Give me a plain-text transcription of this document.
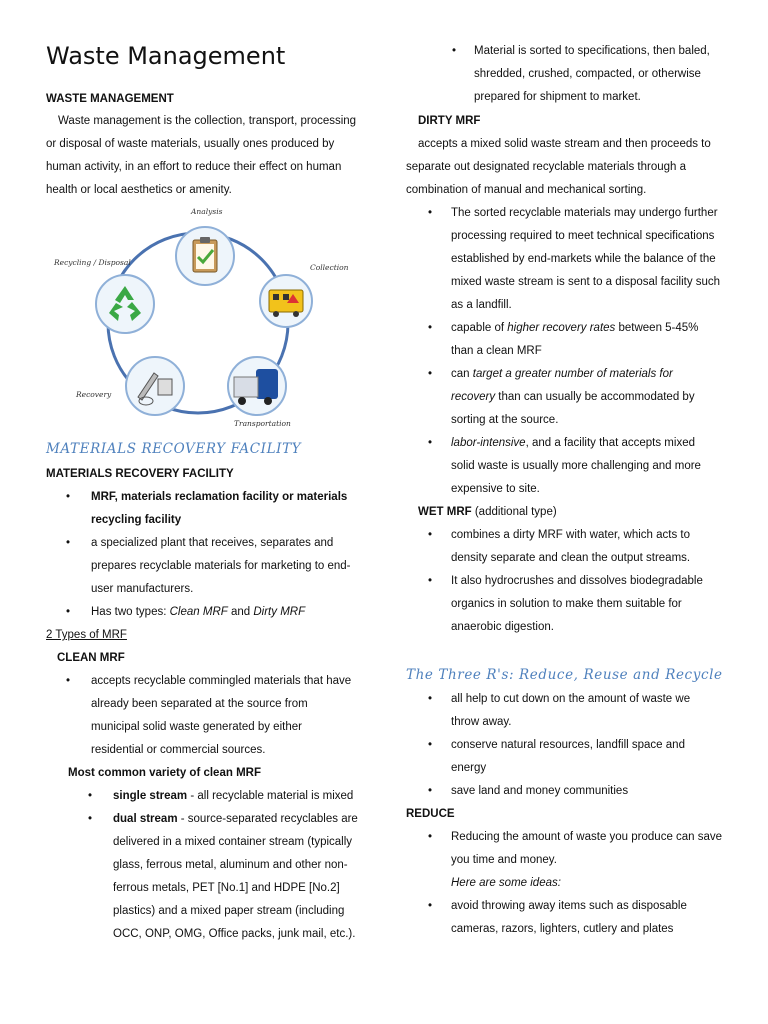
Waste Management
WASTE MANAGEMENT
Waste management is the collection, transport, processing or disposal of waste materials, usually ones produced by human activity, in an effort to reduce their effect on human health or local aesthetics or amenity.
Analysis
Collection
Transportation
Recovery
Recycling / Disposal
MATERIALS RECOVERY FACILITY
MATERIALS RECOVERY FACILITY
• MRF, materials reclamation facility or materials recycling facility
• a specialized plant that receives, separates and prepares recyclable materials for marketing to end-user manufacturers.
• Has two types: Clean MRF and Dirty MRF
2 Types of MRF
CLEAN MRF
• accepts recyclable commingled materials that have already been separated at the source from municipal solid waste generated by either residential or commercial sources.
Most common variety of clean MRF
• single stream - all recyclable material is mixed
• dual stream - source-separated recyclables are delivered in a mixed container stream (typically glass, ferrous metal, aluminum and other non-ferrous metals, PET [No.1] and HDPE [No.2] plastics) and a mixed paper stream (including OCC, ONP, OMG, Office packs, junk mail, etc.).
• Material is sorted to specifications, then baled, shredded, crushed, compacted, or otherwise prepared for shipment to market.
DIRTY MRF
accepts a mixed solid waste stream and then proceeds to separate out designated recyclable materials through a combination of manual and mechanical sorting.
• The sorted recyclable materials may undergo further processing required to meet technical specifications established by end-markets while the balance of the mixed waste stream is sent to a disposal facility such as a landfill.
• capable of higher recovery rates between 5-45% than a clean MRF
• can target a greater number of materials for recovery than can usually be accommodated by sorting at the source.
• labor-intensive, and a facility that accepts mixed solid waste is usually more challenging and more expensive to site.
WET MRF (additional type)
• combines a dirty MRF with water, which acts to density separate and clean the output streams.
• It also hydrocrushes and dissolves biodegradable organics in solution to make them suitable for anaerobic digestion.
The Three R's: Reduce, Reuse and Recycle
• all help to cut down on the amount of waste we throw away.
• conserve natural resources, landfill space and energy
• save land and money communities
REDUCE
• Reducing the amount of waste you produce can save you time and money.
Here are some ideas:
• avoid throwing away items such as disposable cameras, razors, lighters, cutlery and plates
